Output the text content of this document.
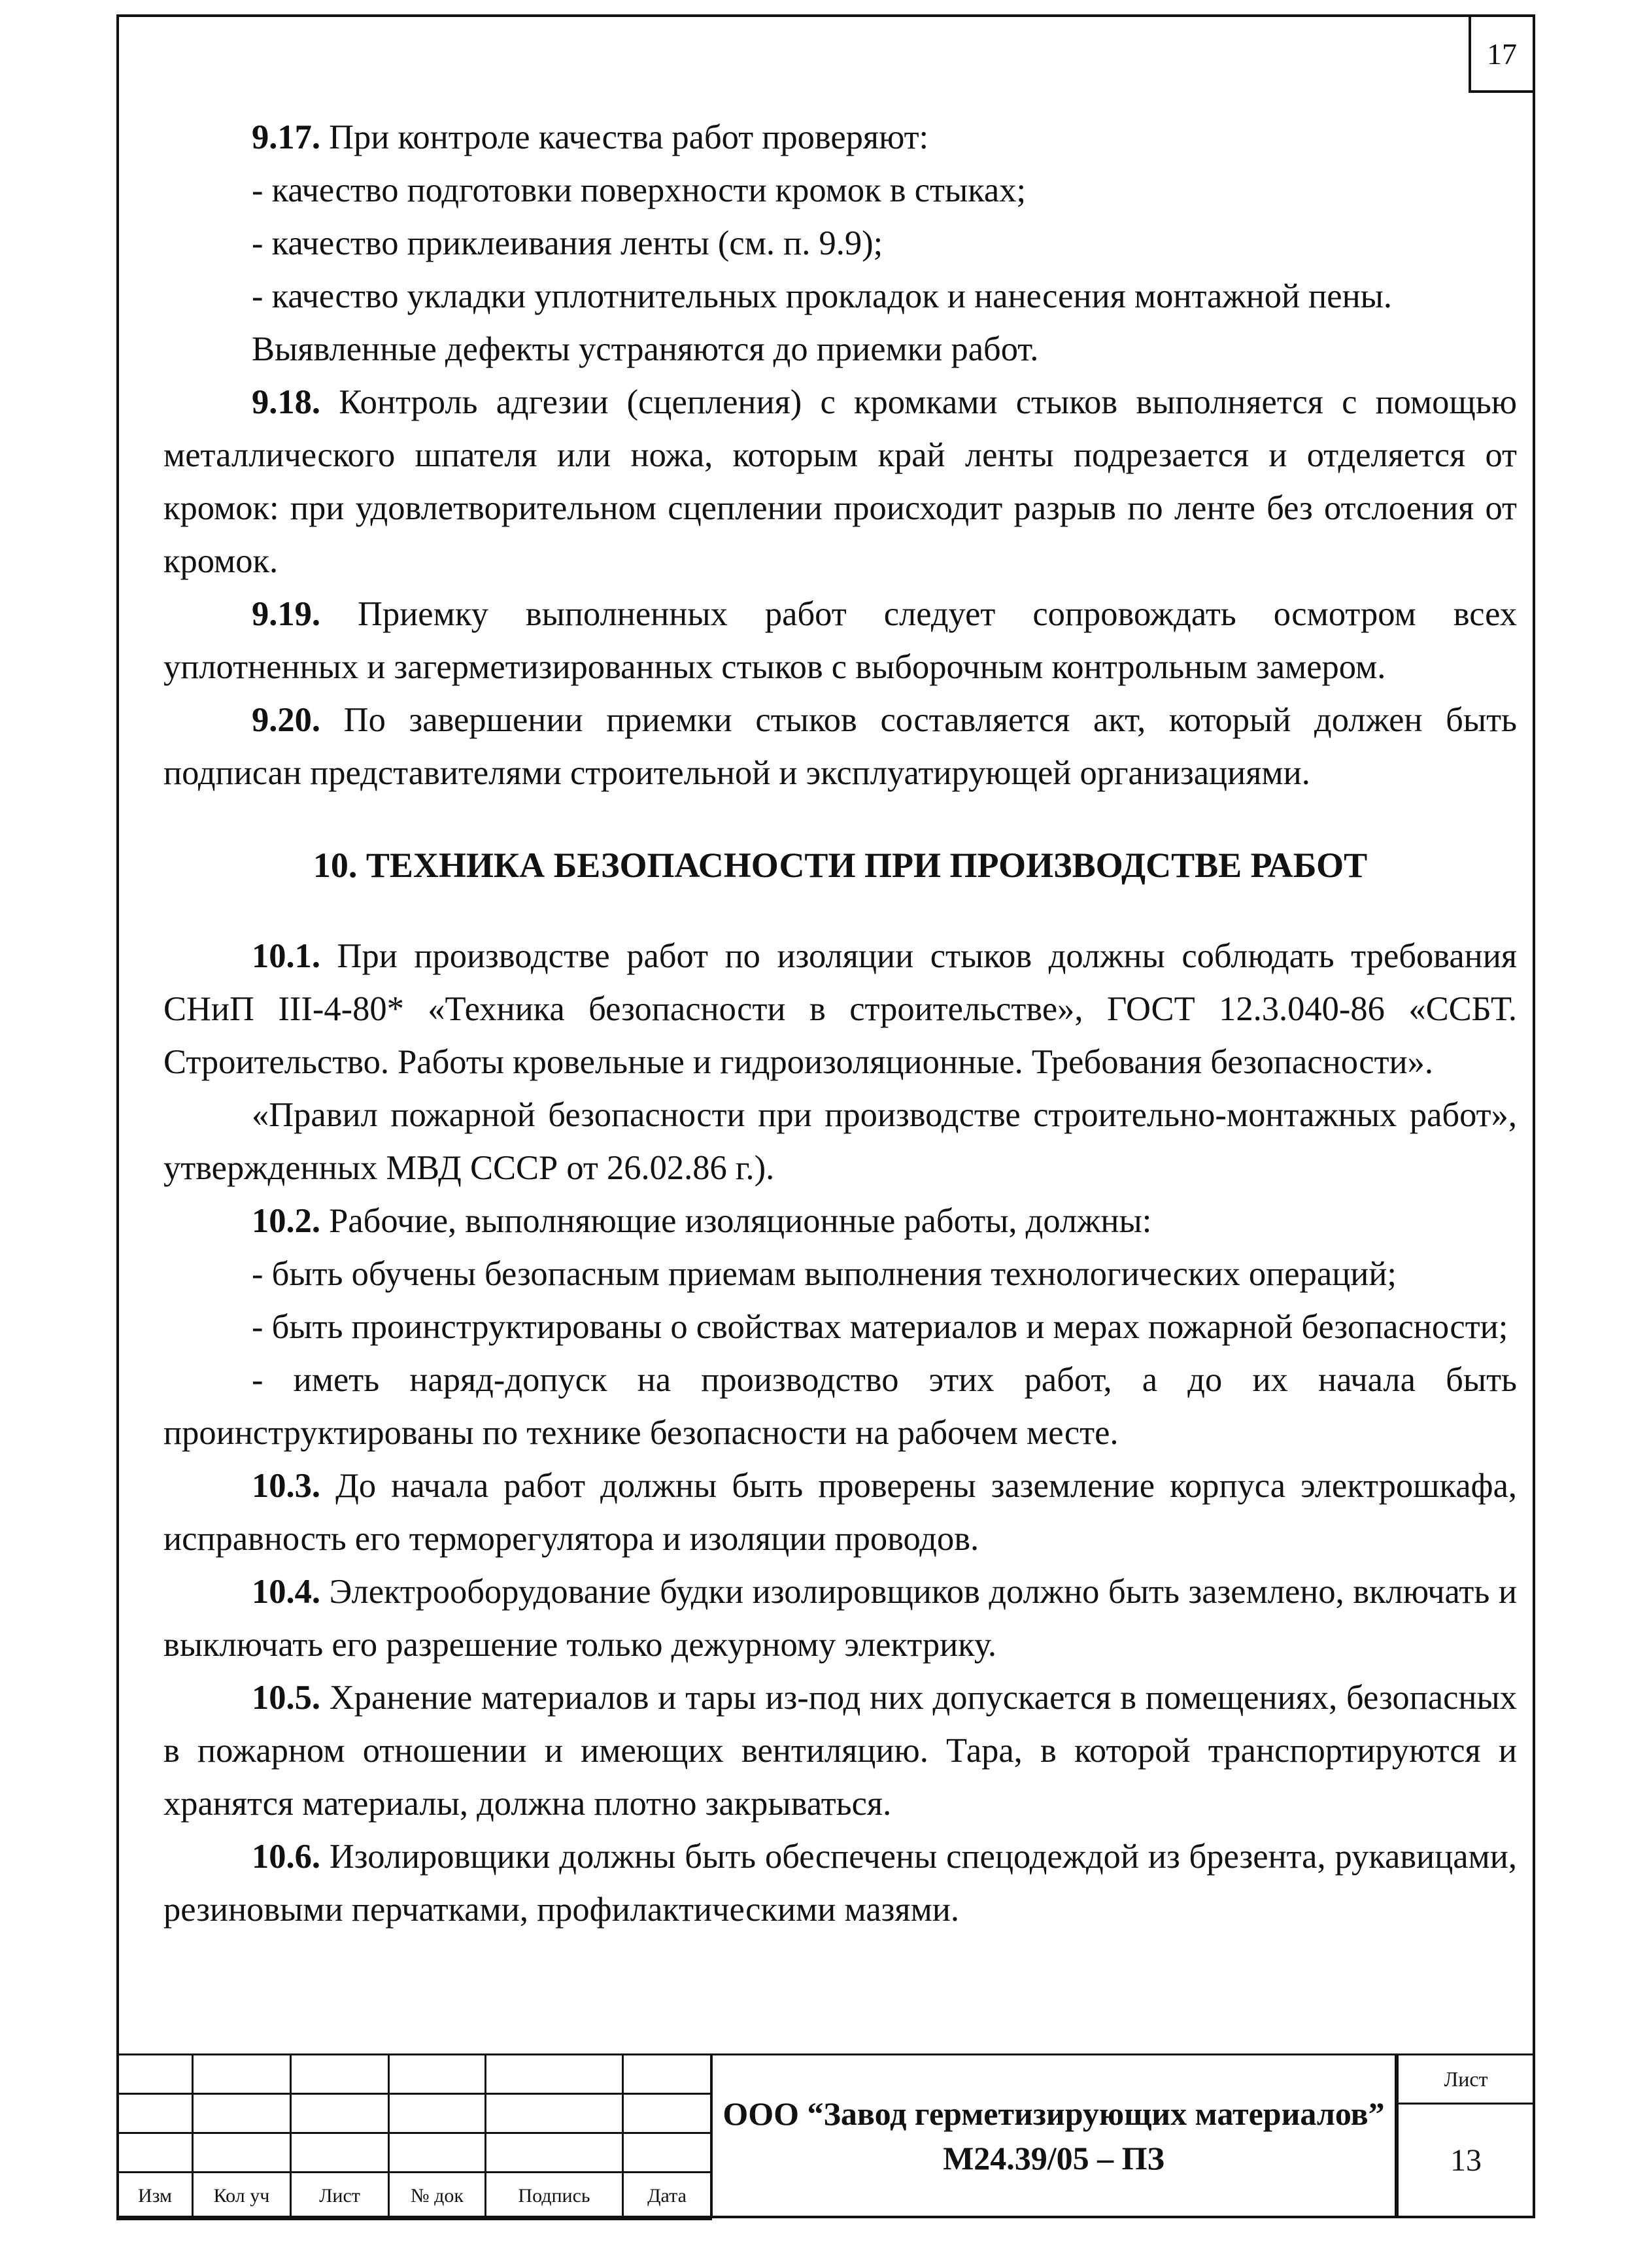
17

9.17. При контроле качества работ проверяют:

- качество подготовки поверхности кромок в стыках;

- качество приклеивания ленты (см. п. 9.9);

- качество укладки уплотнительных прокладок и нанесения монтажной пены.

Выявленные дефекты устраняются до приемки работ.

9.18. Контроль адгезии (сцепления) с кромками стыков выполняется с помощью металлического шпателя или ножа, которым край ленты подрезается и отделяется от кромок: при удовлетворительном сцеплении происходит разрыв по ленте без отслоения от кромок.

9.19. Приемку выполненных работ следует сопровождать осмотром всех уплотненных и загерметизированных стыков с выборочным контрольным замером.

9.20. По завершении приемки стыков составляется акт, который должен быть подписан представителями строительной и эксплуатирующей организациями.

10. ТЕХНИКА БЕЗОПАСНОСТИ ПРИ ПРОИЗВОДСТВЕ РАБОТ

10.1. При производстве работ по изоляции стыков должны соблюдать требования СНиП III-4-80* «Техника безопасности в строительстве», ГОСТ 12.3.040-86 «ССБТ. Строительство. Работы кровельные и гидроизоляционные. Требования безопасности».

«Правил пожарной безопасности при производстве строительно-монтажных работ», утвержденных МВД СССР от 26.02.86 г.).

10.2. Рабочие, выполняющие изоляционные работы, должны:

- быть обучены безопасным приемам выполнения технологических операций;

- быть проинструктированы о свойствах материалов и мерах пожарной безопасности;

- иметь наряд-допуск на производство этих работ, а до их начала быть проинструктированы по технике безопасности на рабочем месте.

10.3. До начала работ должны быть проверены заземление корпуса электрошкафа, исправность его терморегулятора и изоляции проводов.

10.4. Электрооборудование будки изолировщиков должно быть заземлено, включать и выключать его разрешение только дежурному электрику.

10.5. Хранение материалов и тары из-под них допускается в помещениях, безопасных в пожарном отношении и имеющих вентиляцию. Тара, в которой транспортируются и хранятся материалы, должна плотно закрываться.

10.6. Изолировщики должны быть обеспечены спецодеждой из брезента, рукавицами, резиновыми перчатками, профилактическими мазями.

Изм	Кол уч	Лист	№ док	Подпись	Дата
ООО “Завод герметизирующих материалов”
М24.39/05 – ПЗ
Лист
13
